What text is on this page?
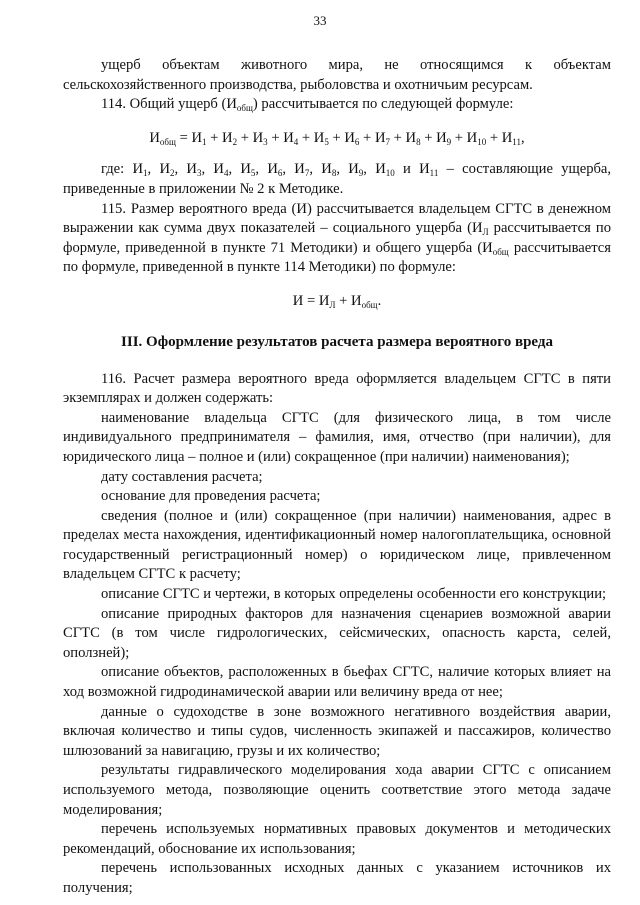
33

ущерб объектам животного мира, не относящимся к объектам сельскохозяйственного производства, рыболовства и охотничьим ресурсам.

114. Общий ущерб $(И_{общ})$ рассчитывается по следующей формуле:

$И_{общ} = И_1 + И_2 + И_3 + И_4 + И_5 + И_6 + И_7 + И_8 + И_9 + И_{10} + И_{11}$,

где: $И_1$, $И_2$, $И_3$, $И_4$, $И_5$, $И_6$, $И_7$, $И_8$, $И_9$, $И_{10}$ и $И_{11}$ – составляющие ущерба, приведенные в приложении № 2 к Методике.

115. Размер вероятного вреда (И) рассчитывается владельцем СГТС в денежном выражении как сумма двух показателей – социального ущерба ($И_Л$ рассчитывается по формуле, приведенной в пункте 71 Методики) и общего ущерба ($И_{общ}$ рассчитывается по формуле, приведенной в пункте 114 Методики) по формуле:

$И = И_Л + И_{общ}$.

III. Оформление результатов расчета размера вероятного вреда

116. Расчет размера вероятного вреда оформляется владельцем СГТС в пяти экземплярах и должен содержать:

наименование владельца СГТС (для физического лица, в том числе индивидуального предпринимателя – фамилия, имя, отчество (при наличии), для юридического лица – полное и (или) сокращенное (при наличии) наименования);

дату составления расчета;

основание для проведения расчета;

сведения (полное и (или) сокращенное (при наличии) наименования, адрес в пределах места нахождения, идентификационный номер налогоплательщика, основной государственный регистрационный номер) о юридическом лице, привлеченном владельцем СГТС к расчету;

описание СГТС и чертежи, в которых определены особенности его конструкции;

описание природных факторов для назначения сценариев возможной аварии СГТС (в том числе гидрологических, сейсмических, опасность карста, селей, оползней);

описание объектов, расположенных в бьефах СГТС, наличие которых влияет на ход возможной гидродинамической аварии или величину вреда от нее;

данные о судоходстве в зоне возможного негативного воздействия аварии, включая количество и типы судов, численность экипажей и пассажиров, количество шлюзований за навигацию, грузы и их количество;

результаты гидравлического моделирования хода аварии СГТС с описанием используемого метода, позволяющие оценить соответствие этого метода задаче моделирования;

перечень используемых нормативных правовых документов и методических рекомендаций, обоснование их использования;

перечень использованных исходных данных с указанием источников их получения;
